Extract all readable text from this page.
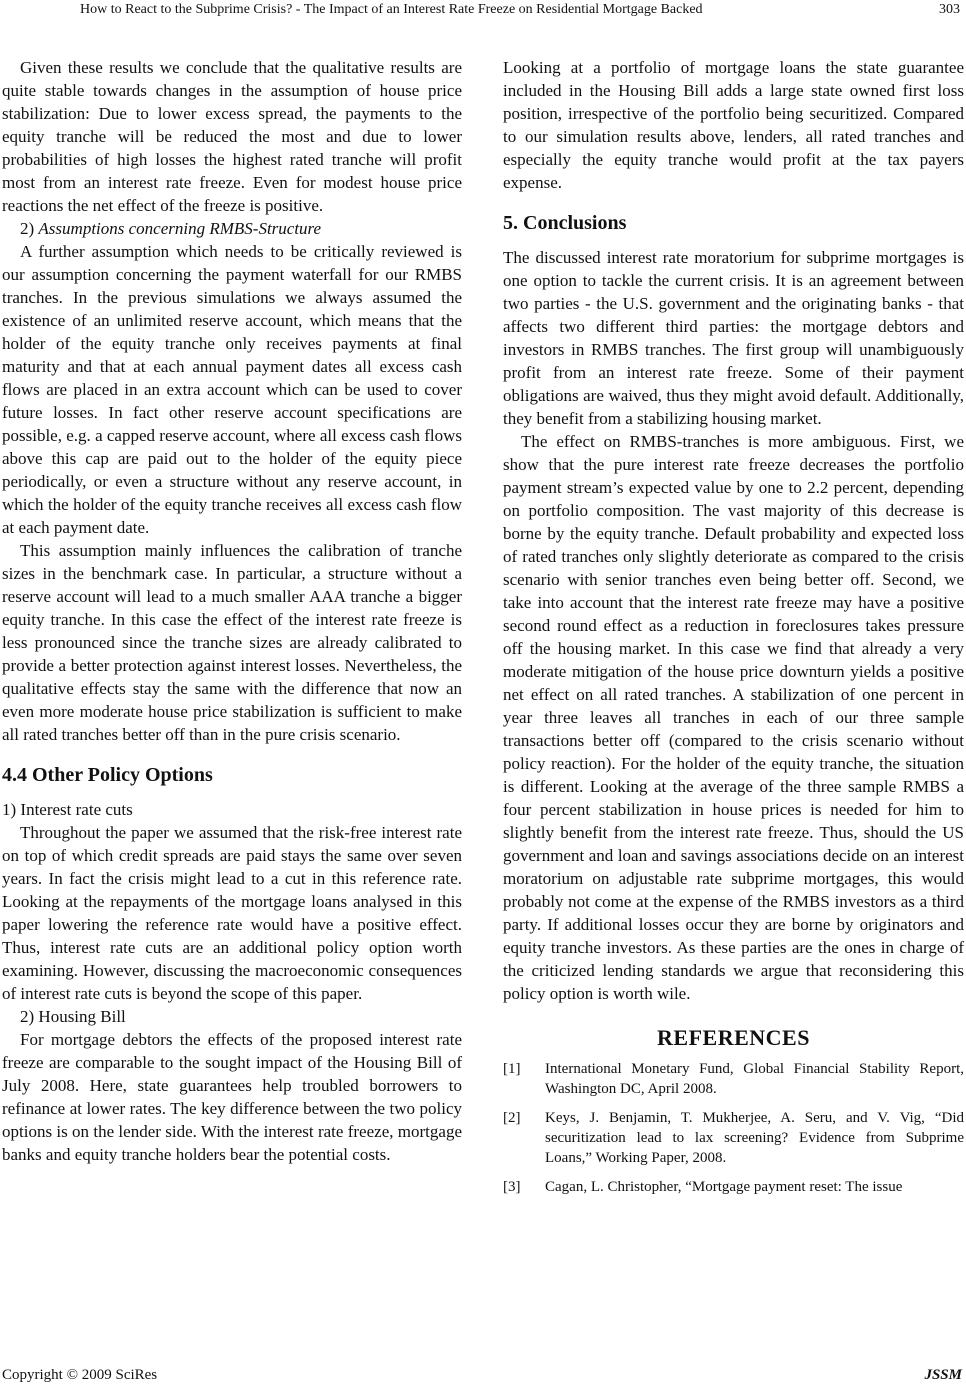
How to React to the Subprime Crisis? - The Impact of an Interest Rate Freeze on Residential Mortgage Backed	303

Given these results we conclude that the qualitative results are quite stable towards changes in the assumption of house price stabilization: Due to lower excess spread, the payments to the equity tranche will be reduced the most and due to lower probabilities of high losses the highest rated tranche will profit most from an interest rate freeze. Even for modest house price reactions the net effect of the freeze is positive.

2) Assumptions concerning RMBS-Structure

A further assumption which needs to be critically reviewed is our assumption concerning the payment waterfall for our RMBS tranches. In the previous simulations we always assumed the existence of an unlimited reserve account, which means that the holder of the equity tranche only receives payments at final maturity and that at each annual payment dates all excess cash flows are placed in an extra account which can be used to cover future losses. In fact other reserve account specifications are possible, e.g. a capped reserve account, where all excess cash flows above this cap are paid out to the holder of the equity piece periodically, or even a structure without any reserve account, in which the holder of the equity tranche receives all excess cash flow at each payment date.

This assumption mainly influences the calibration of tranche sizes in the benchmark case. In particular, a structure without a reserve account will lead to a much smaller AAA tranche a bigger equity tranche. In this case the effect of the interest rate freeze is less pronounced since the tranche sizes are already calibrated to provide a better protection against interest losses. Nevertheless, the qualitative effects stay the same with the difference that now an even more moderate house price stabilization is sufficient to make all rated tranches better off than in the pure crisis scenario.

4.4 Other Policy Options

1) Interest rate cuts

Throughout the paper we assumed that the risk-free interest rate on top of which credit spreads are paid stays the same over seven years. In fact the crisis might lead to a cut in this reference rate. Looking at the repayments of the mortgage loans analysed in this paper lowering the reference rate would have a positive effect. Thus, interest rate cuts are an additional policy option worth examining. However, discussing the macroeconomic consequences of interest rate cuts is beyond the scope of this paper.

2) Housing Bill

For mortgage debtors the effects of the proposed interest rate freeze are comparable to the sought impact of the Housing Bill of July 2008. Here, state guarantees help troubled borrowers to refinance at lower rates. The key difference between the two policy options is on the lender side. With the interest rate freeze, mortgage banks and equity tranche holders bear the potential costs.

Looking at a portfolio of mortgage loans the state guarantee included in the Housing Bill adds a large state owned first loss position, irrespective of the portfolio being securitized. Compared to our simulation results above, lenders, all rated tranches and especially the equity tranche would profit at the tax payers expense.

5. Conclusions

The discussed interest rate moratorium for subprime mortgages is one option to tackle the current crisis. It is an agreement between two parties - the U.S. government and the originating banks - that affects two different third parties: the mortgage debtors and investors in RMBS tranches. The first group will unambiguously profit from an interest rate freeze. Some of their payment obligations are waived, thus they might avoid default. Additionally, they benefit from a stabilizing housing market.

The effect on RMBS-tranches is more ambiguous. First, we show that the pure interest rate freeze decreases the portfolio payment stream’s expected value by one to 2.2 percent, depending on portfolio composition. The vast majority of this decrease is borne by the equity tranche. Default probability and expected loss of rated tranches only slightly deteriorate as compared to the crisis scenario with senior tranches even being better off. Second, we take into account that the interest rate freeze may have a positive second round effect as a reduction in foreclosures takes pressure off the housing market. In this case we find that already a very moderate mitigation of the house price downturn yields a positive net effect on all rated tranches. A stabilization of one percent in year three leaves all tranches in each of our three sample transactions better off (compared to the crisis scenario without policy reaction). For the holder of the equity tranche, the situation is different. Looking at the average of the three sample RMBS a four percent stabilization in house prices is needed for him to slightly benefit from the interest rate freeze. Thus, should the US government and loan and savings associations decide on an interest moratorium on adjustable rate subprime mortgages, this would probably not come at the expense of the RMBS investors as a third party. If additional losses occur they are borne by originators and equity tranche investors. As these parties are the ones in charge of the criticized lending standards we argue that reconsidering this policy option is worth wile.

REFERENCES
[1]	International Monetary Fund, Global Financial Stability Report, Washington DC, April 2008.
[2]	Keys, J. Benjamin, T. Mukherjee, A. Seru, and V. Vig, “Did securitization lead to lax screening? Evidence from Subprime Loans,” Working Paper, 2008.
[3]	Cagan, L. Christopher, “Mortgage payment reset: The issue
Copyright © 2009 SciRes	JSSM
